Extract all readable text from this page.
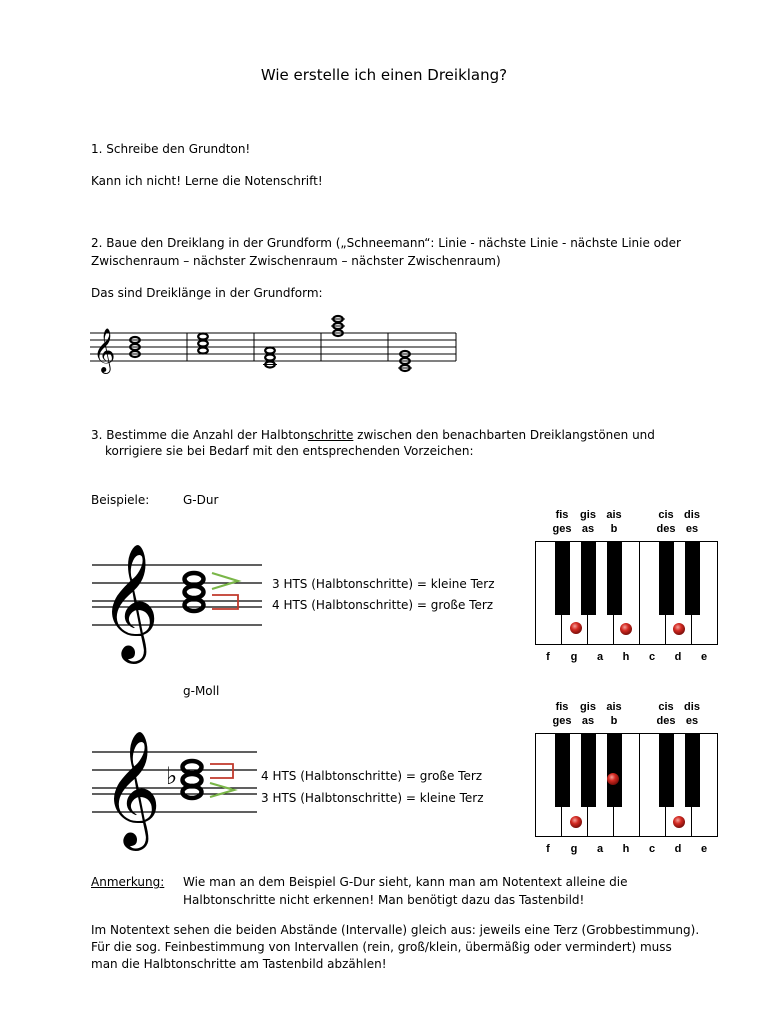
Wie erstelle ich einen Dreiklang?
1. Schreibe den Grundton!
Kann ich nicht! Lerne die Notenschrift!
2. Baue den Dreiklang in der Grundform („Schneemann“: Linie - nächste Linie - nächste Linie oder
Zwischenraum – nächster Zwischenraum – nächster Zwischenraum)
Das sind Dreiklänge in der Grundform:
𝄞
3. Bestimme die Anzahl der Halbtonschritte zwischen den benachbarten Dreiklangstönen und
korrigiere sie bei Bedarf mit den entsprechenden Vorzeichen:
Beispiele:	G-Dur
𝄞	3 HTS (Halbtonschritte) = kleine Terz
4 HTS (Halbtonschritte) = große Terz
fis
ges
gis
as
ais
b
cis
des
dis
es
f	g	a	h	c	d	e
g-Moll
𝄞 ♭	4 HTS (Halbtonschritte) = große Terz
3 HTS (Halbtonschritte) = kleine Terz
fis
ges
gis
as
ais
b
cis
des
dis
es
f	g	a	h	c	d	e
Anmerkung: Wie man an dem Beispiel G-Dur sieht, kann man am Notentext alleine die
Halbtonschritte nicht erkennen! Man benötigt dazu das Tastenbild!
Im Notentext sehen die beiden Abstände (Intervalle) gleich aus: jeweils eine Terz (Grobbestimmung).
Für die sog. Feinbestimmung von Intervallen (rein, groß/klein, übermäßig oder vermindert) muss
man die Halbtonschritte am Tastenbild abzählen!
